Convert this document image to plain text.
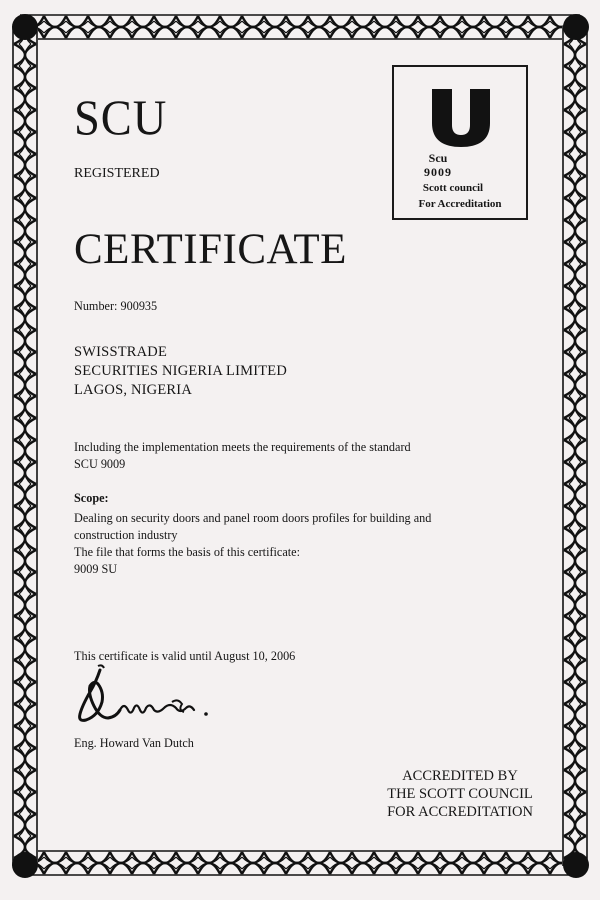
SCU
REGISTERED
CERTIFICATE
Number: 900935
Scu
9009
Scott council
For Accreditation
SWISSTRADE
SECURITIES NIGERIA LIMITED
LAGOS, NIGERIA
Including the implementation meets the requirements of the standard
SCU 9009
Scope:
Dealing on security doors and panel room doors profiles for building and
construction industry
The file that forms the basis of this certificate:
9009 SU
This certificate is valid until August 10, 2006
Eng. Howard Van Dutch
ACCREDITED BY
THE SCOTT COUNCIL
FOR ACCREDITATION
